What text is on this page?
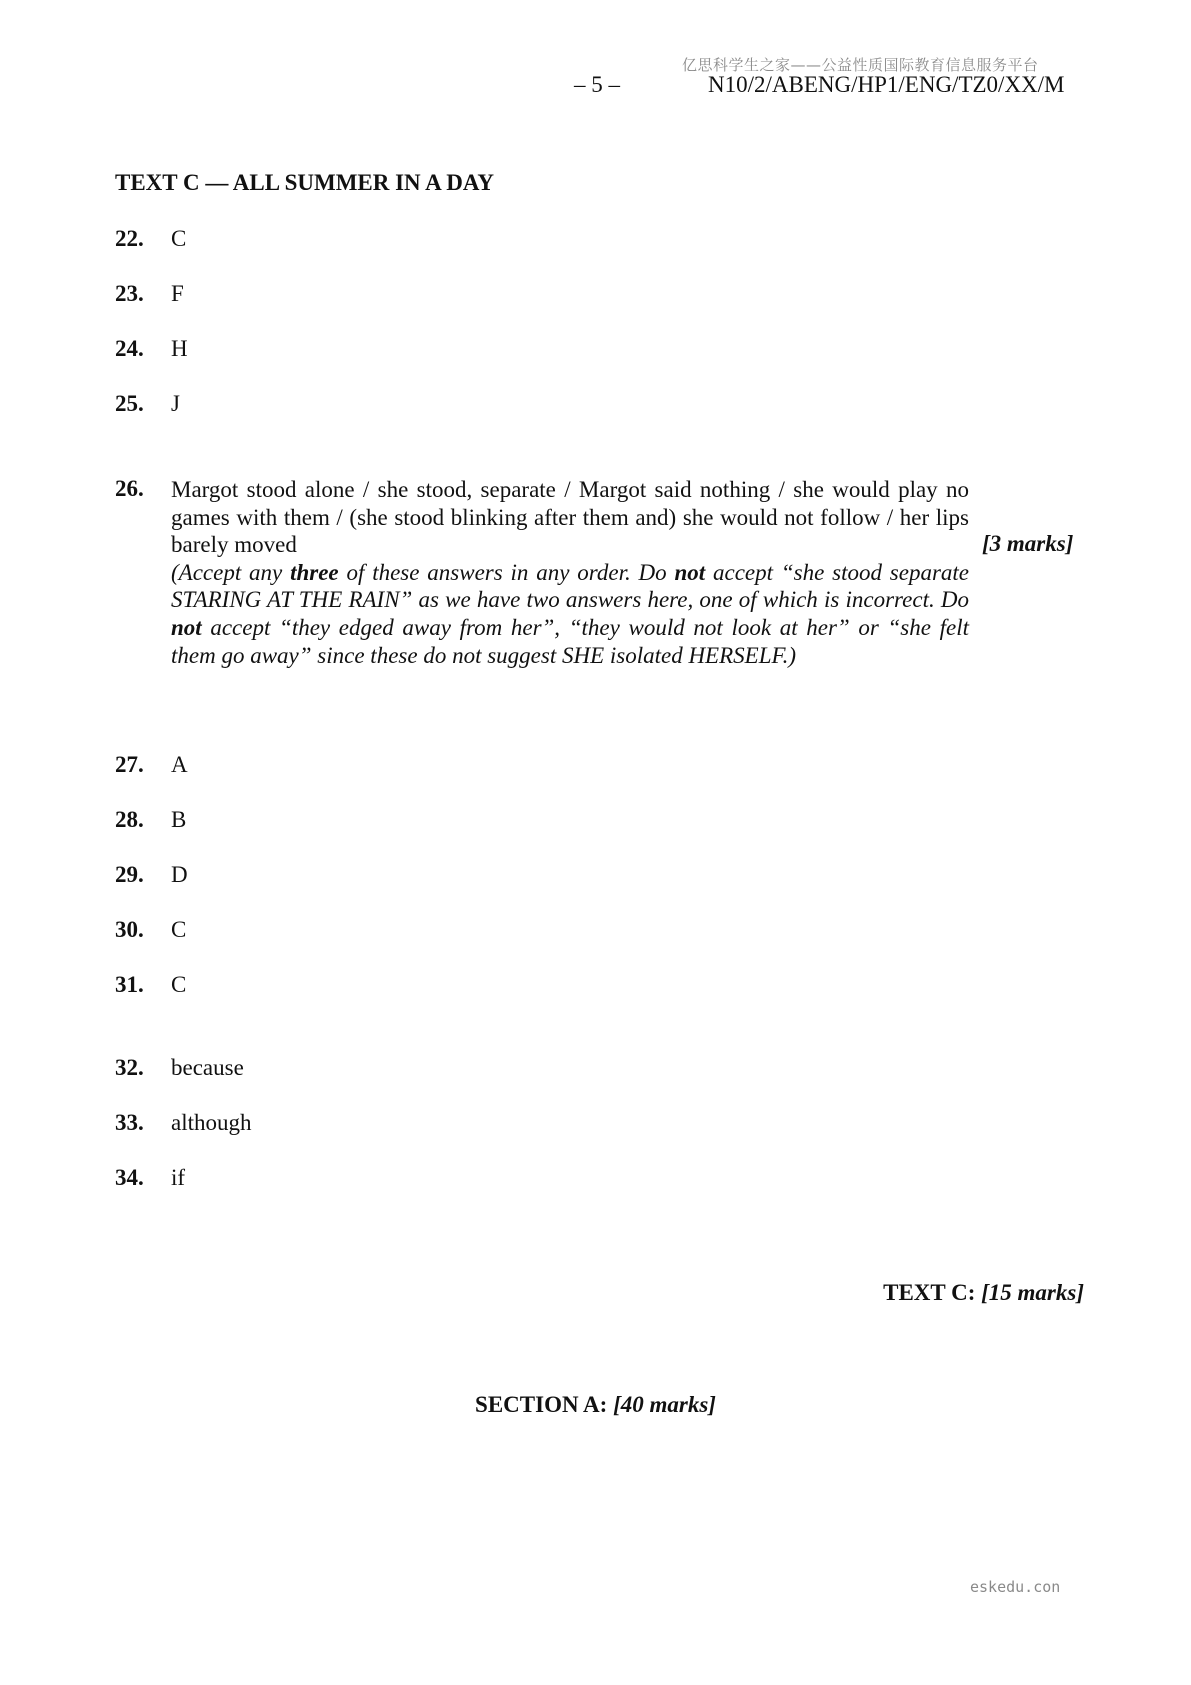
亿思科学生之家——公益性质国际教育信息服务平台
– 5 –	N10/2/ABENG/HP1/ENG/TZ0/XX/M
TEXT C — ALL SUMMER IN A DAY
22. C
23. F
24. H
25. J
26. Margot stood alone / she stood, separate / Margot said nothing / she would play no games with them / (she stood blinking after them and) she would not follow / her lips barely moved
(Accept any three of these answers in any order. Do not accept “she stood separate STARING AT THE RAIN” as we have two answers here, one of which is incorrect. Do not accept “they edged away from her”, “they would not look at her” or “she felt them go away” since these do not suggest SHE isolated HERSELF.)
[3 marks]
27. A
28. B
29. D
30. C
31. C
32. because
33. although
34. if
TEXT C: [15 marks]
SECTION A: [40 marks]
eskedu.con
